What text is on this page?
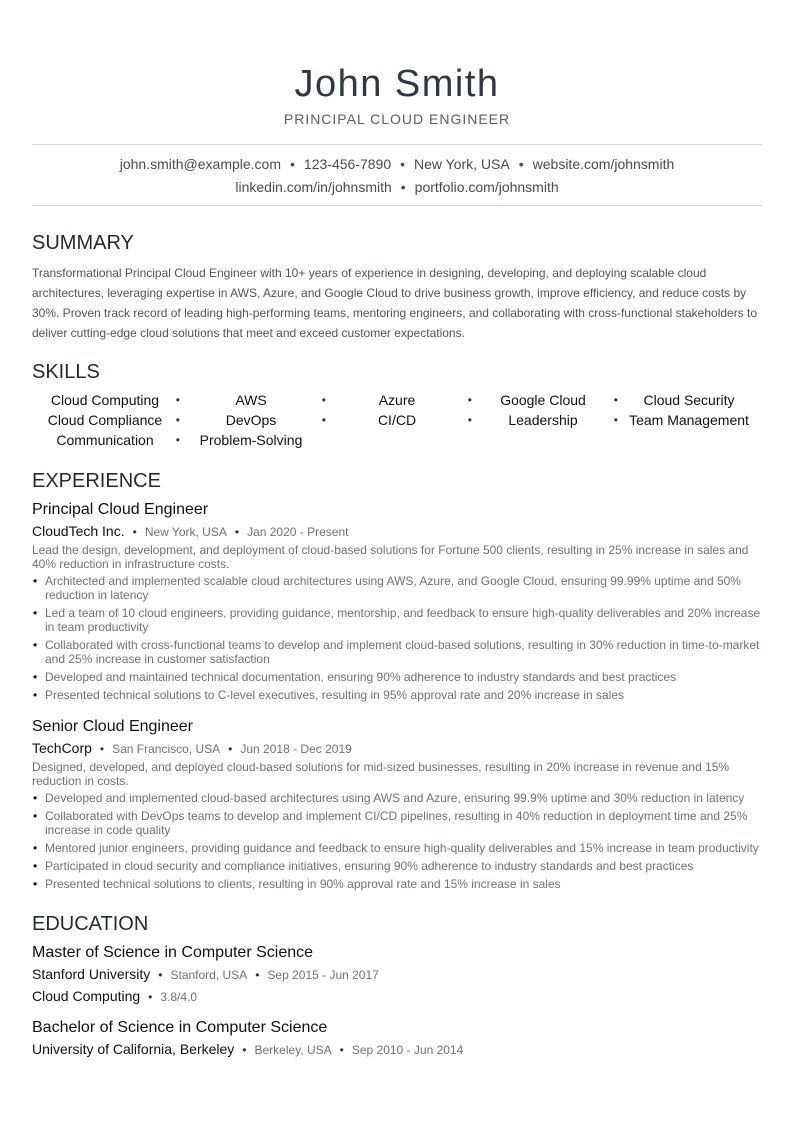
John Smith
PRINCIPAL CLOUD ENGINEER
john.smith@example.com • 123-456-7890 • New York, USA • website.com/johnsmith
linkedin.com/in/johnsmith • portfolio.com/johnsmith
SUMMARY
Transformational Principal Cloud Engineer with 10+ years of experience in designing, developing, and deploying scalable cloud architectures, leveraging expertise in AWS, Azure, and Google Cloud to drive business growth, improve efficiency, and reduce costs by 30%. Proven track record of leading high-performing teams, mentoring engineers, and collaborating with cross-functional stakeholders to deliver cutting-edge cloud solutions that meet and exceed customer expectations.
SKILLS
Cloud Computing •	AWS	•	Azure	•	Google Cloud •	Cloud Security
Cloud Compliance •	DevOps	•	CI/CD	•	Leadership	• Team Management
Communication •	Problem-Solving
EXPERIENCE
Principal Cloud Engineer
CloudTech Inc. • New York, USA • Jan 2020 - Present
Lead the design, development, and deployment of cloud-based solutions for Fortune 500 clients, resulting in 25% increase in sales and 40% reduction in infrastructure costs.
• Architected and implemented scalable cloud architectures using AWS, Azure, and Google Cloud, ensuring 99.99% uptime and 50% reduction in latency
• Led a team of 10 cloud engineers, providing guidance, mentorship, and feedback to ensure high-quality deliverables and 20% increase in team productivity
• Collaborated with cross-functional teams to develop and implement cloud-based solutions, resulting in 30% reduction in time-to-market and 25% increase in customer satisfaction
• Developed and maintained technical documentation, ensuring 90% adherence to industry standards and best practices
• Presented technical solutions to C-level executives, resulting in 95% approval rate and 20% increase in sales
Senior Cloud Engineer
TechCorp • San Francisco, USA • Jun 2018 - Dec 2019
Designed, developed, and deployed cloud-based solutions for mid-sized businesses, resulting in 20% increase in revenue and 15% reduction in costs.
• Developed and implemented cloud-based architectures using AWS and Azure, ensuring 99.9% uptime and 30% reduction in latency
• Collaborated with DevOps teams to develop and implement CI/CD pipelines, resulting in 40% reduction in deployment time and 25% increase in code quality
• Mentored junior engineers, providing guidance and feedback to ensure high-quality deliverables and 15% increase in team productivity
• Participated in cloud security and compliance initiatives, ensuring 90% adherence to industry standards and best practices
• Presented technical solutions to clients, resulting in 90% approval rate and 15% increase in sales
EDUCATION
Master of Science in Computer Science
Stanford University • Stanford, USA • Sep 2015 - Jun 2017
Cloud Computing • 3.8/4.0
Bachelor of Science in Computer Science
University of California, Berkeley • Berkeley, USA • Sep 2010 - Jun 2014
